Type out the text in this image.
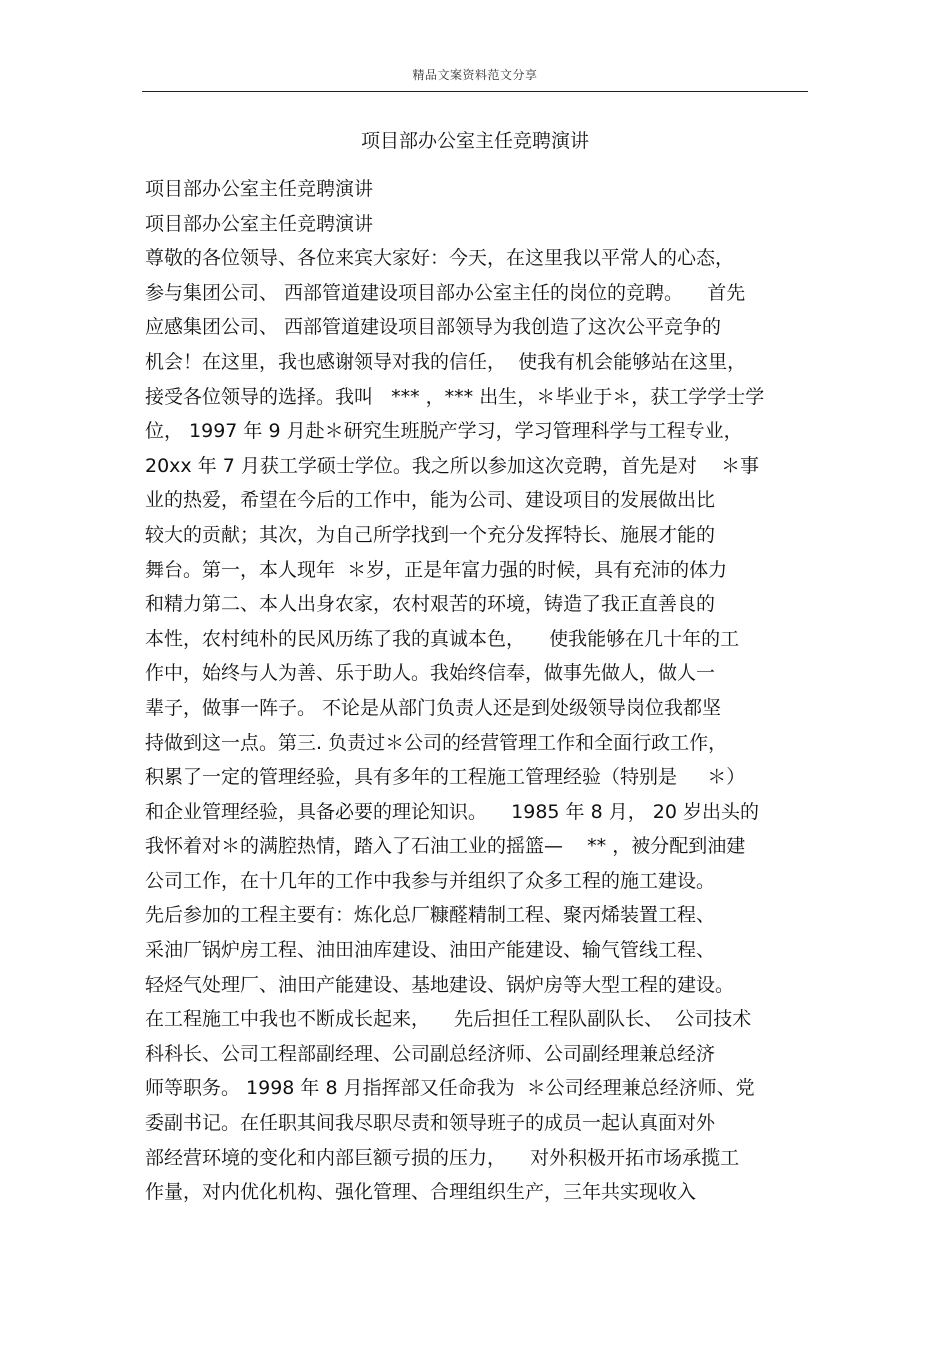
精品文案资料范文分享
项目部办公室主任竞聘演讲
项目部办公室主任竞聘演讲
项目部办公室主任竞聘演讲
尊敬的各位领导、各位来宾大家好：今天，在这里我以平常人的心态，
参与集团公司、 西部管道建设项目部办公室主任的岗位的竞聘。    首先
应感集团公司、 西部管道建设项目部领导为我创造了这次公平竞争的
机会！在这里，我也感谢领导对我的信任，  使我有机会能够站在这里，
接受各位领导的选择。我叫   *** ，*** 出生，＊毕业于＊，获工学学士学
位， 1997 年 9 月赴＊研究生班脱产学习，学习管理科学与工程专业，
20xx 年 7 月获工学硕士学位。我之所以参加这次竞聘，首先是对    ＊事
业的热爱，希望在今后的工作中，能为公司、建设项目的发展做出比
较大的贡献；其次，为自己所学找到一个充分发挥特长、施展才能的
舞台。第一，本人现年  ＊岁，正是年富力强的时候，具有充沛的体力
和精力第二、本人出身农家，农村艰苦的环境，铸造了我正直善良的
本性，农村纯朴的民风历练了我的真诚本色，    使我能够在几十年的工
作中，始终与人为善、乐于助人。我始终信奉，做事先做人，做人一
辈子，做事一阵子。 不论是从部门负责人还是到处级领导岗位我都坚
持做到这一点。第三. 负责过＊公司的经营管理工作和全面行政工作，
积累了一定的管理经验，具有多年的工程施工管理经验（特别是     ＊）
和企业管理经验，具备必要的理论知识。    1985 年 8 月， 20 岁出头的
我怀着对＊的满腔热情，踏入了石油工业的摇篮—    ** ，被分配到油建
公司工作，在十几年的工作中我参与并组织了众多工程的施工建设。
先后参加的工程主要有：炼化总厂糠醛精制工程、聚丙烯装置工程、
采油厂锅炉房工程、油田油库建设、油田产能建设、输气管线工程、
轻烃气处理厂、油田产能建设、基地建设、锅炉房等大型工程的建设。
在工程施工中我也不断成长起来，    先后担任工程队副队长、  公司技术
科科长、公司工程部副经理、公司副总经济师、公司副经理兼总经济
师等职务。 1998 年 8 月指挥部又任命我为  ＊公司经理兼总经济师、党
委副书记。在任职其间我尽职尽责和领导班子的成员一起认真面对外
部经营环境的变化和内部巨额亏损的压力，    对外积极开拓市场承揽工
作量，对内优化机构、强化管理、合理组织生产，三年共实现收入
